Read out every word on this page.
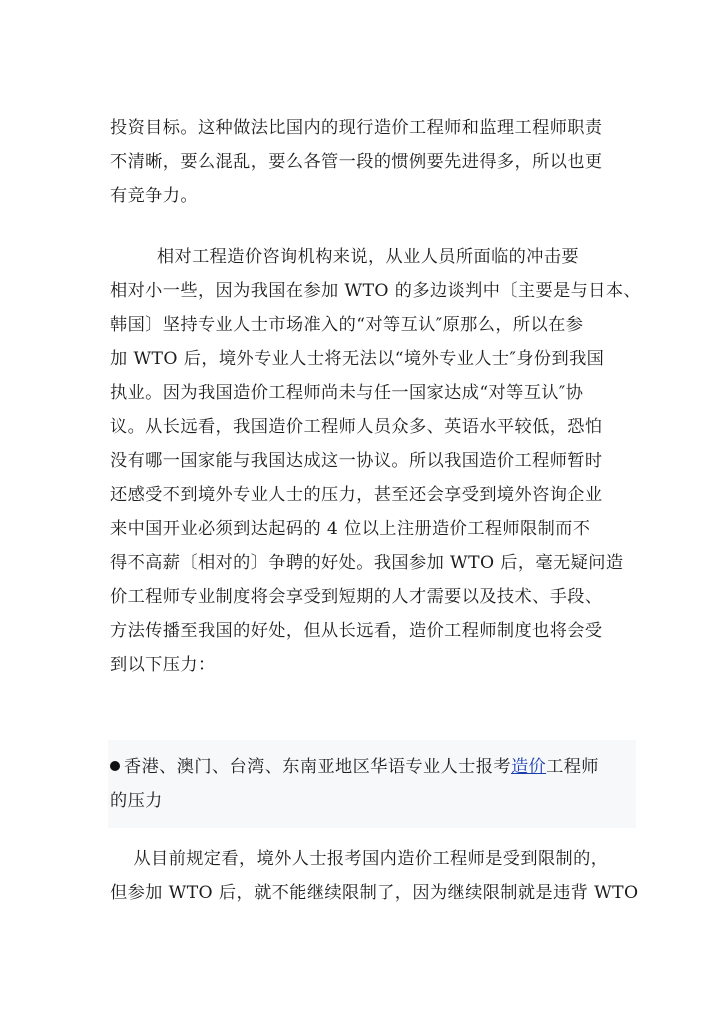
投资目标。这种做法比国内的现行造价工程师和监理工程师职责
不清晰，要么混乱，要么各管一段的惯例要先进得多，所以也更
有竞争力。
相对工程造价咨询机构来说，从业人员所面临的冲击要
相对小一些，因为我国在参加 WTO 的多边谈判中〔主要是与日本、
韩国〕坚持专业人士市场准入的“对等互认″原那么，所以在参
加 WTO 后，境外专业人士将无法以“境外专业人士″身份到我国
执业。因为我国造价工程师尚未与任一国家达成“对等互认″协
议。从长远看，我国造价工程师人员众多、英语水平较低，恐怕
没有哪一国家能与我国达成这一协议。所以我国造价工程师暂时
还感受不到境外专业人士的压力，甚至还会享受到境外咨询企业
来中国开业必须到达起码的 4 位以上注册造价工程师限制而不
得不高薪〔相对的〕争聘的好处。我国参加 WTO 后，毫无疑问造
价工程师专业制度将会享受到短期的人才需要以及技术、手段、
方法传播至我国的好处，但从长远看，造价工程师制度也将会受
到以下压力：
香港、澳门、台湾、东南亚地区华语专业人士报考造价工程师
的压力
从目前规定看，境外人士报考国内造价工程师是受到限制的，
但参加 WTO 后，就不能继续限制了，因为继续限制就是违背 WTO
